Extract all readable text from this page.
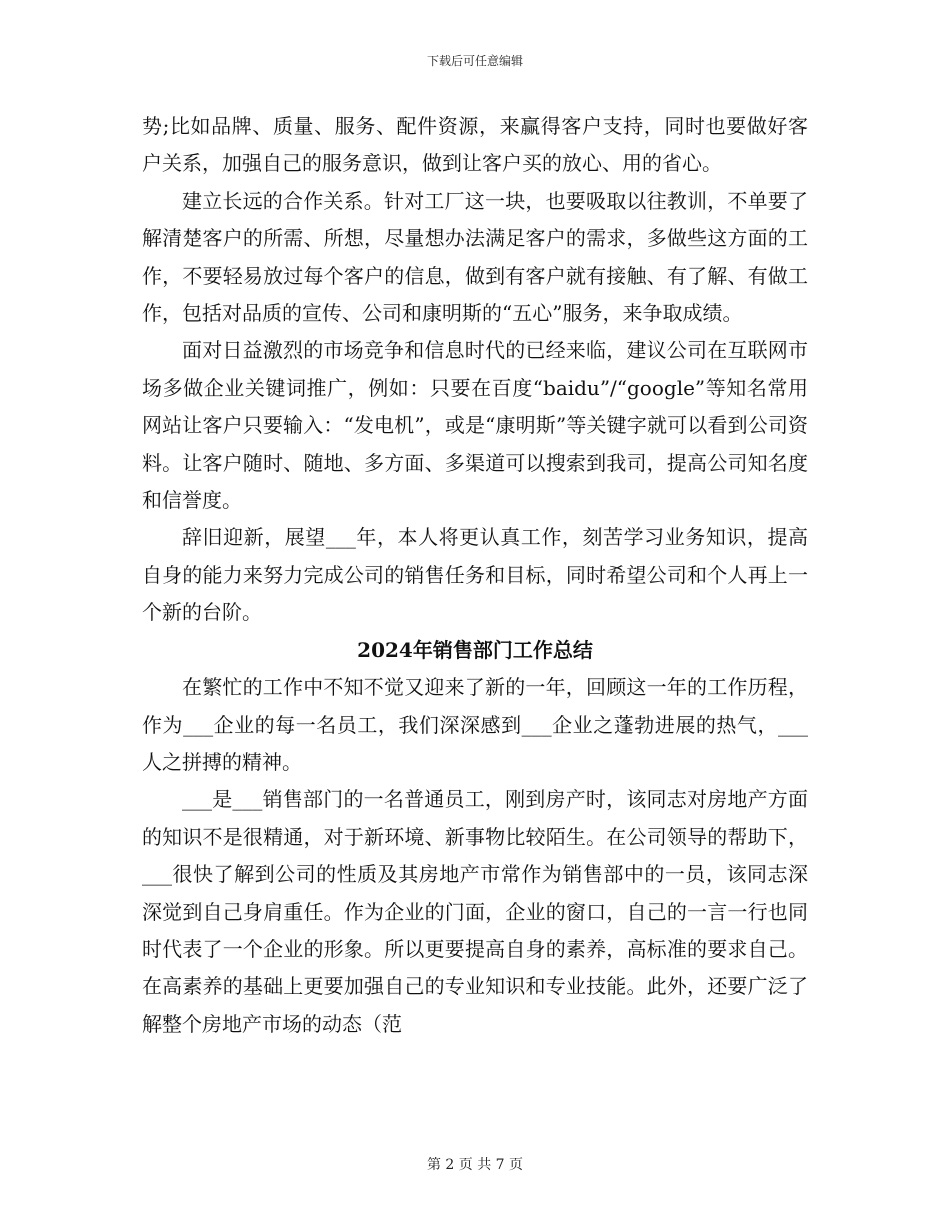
下载后可任意编辑

势;比如品牌、质量、服务、配件资源，来赢得客户支持，同时也要做好客户关系，加强自己的服务意识，做到让客户买的放心、用的省心。

建立长远的合作关系。针对工厂这一块，也要吸取以往教训，不单要了解清楚客户的所需、所想，尽量想办法满足客户的需求，多做些这方面的工作，不要轻易放过每个客户的信息，做到有客户就有接触、有了解、有做工作，包括对品质的宣传、公司和康明斯的“五心”服务，来争取成绩。

面对日益激烈的市场竞争和信息时代的已经来临，建议公司在互联网市场多做企业关键词推广，例如：只要在百度“baidu”/“google”等知名常用网站让客户只要输入：“发电机”，或是“康明斯”等关键字就可以看到公司资料。让客户随时、随地、多方面、多渠道可以搜索到我司，提高公司知名度和信誉度。

辞旧迎新，展望___年，本人将更认真工作，刻苦学习业务知识，提高自身的能力来努力完成公司的销售任务和目标，同时希望公司和个人再上一个新的台阶。

2024年销售部门工作总结

在繁忙的工作中不知不觉又迎来了新的一年，回顾这一年的工作历程，作为___企业的每一名员工，我们深深感到___企业之蓬勃进展的热气，___人之拼搏的精神。

___是___销售部门的一名普通员工，刚到房产时，该同志对房地产方面的知识不是很精通，对于新环境、新事物比较陌生。在公司领导的帮助下，___很快了解到公司的性质及其房地产市常作为销售部中的一员，该同志深深觉到自己身肩重任。作为企业的门面，企业的窗口，自己的一言一行也同时代表了一个企业的形象。所以更要提高自身的素养，高标准的要求自己。在高素养的基础上更要加强自己的专业知识和专业技能。此外，还要广泛了解整个房地产市场的动态（范

第 2 页 共 7 页
